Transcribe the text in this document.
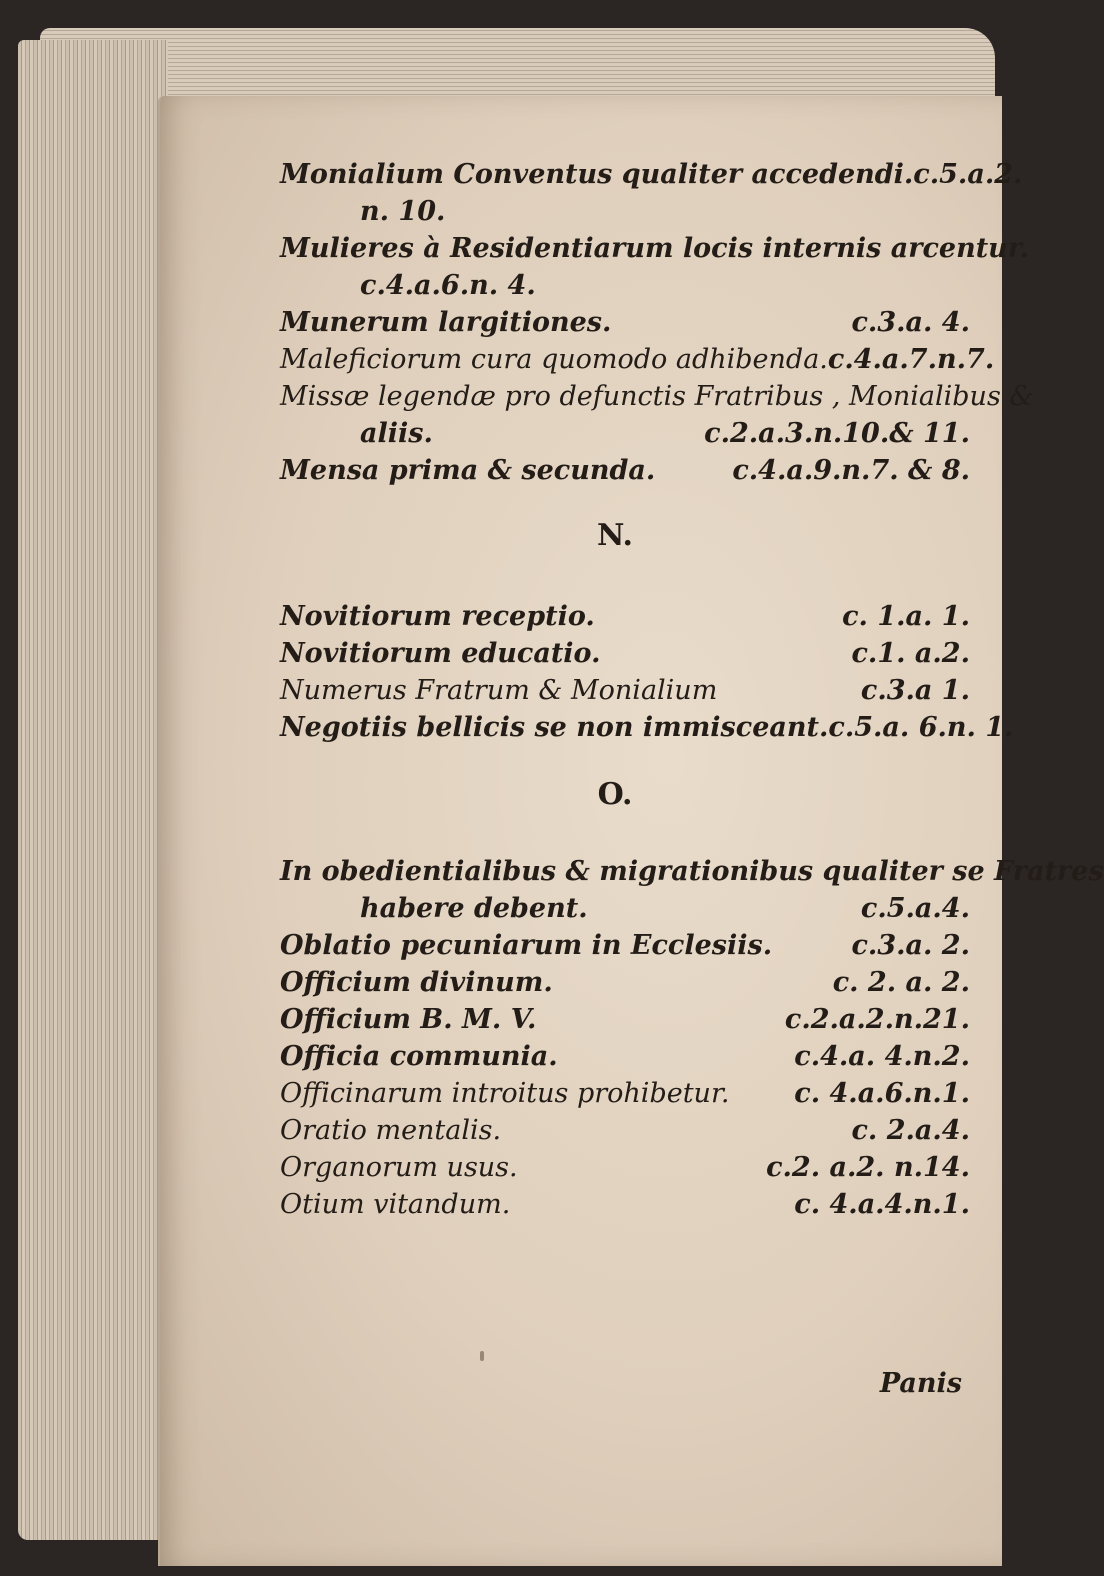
Monialium Conventus qualiter accedendi. c.5.a.2.
n. 10.
Mulieres à Residentiarum locis internis arcentur.
c.4.a.6.n. 4.
Munerum largitiones.	c.3.a. 4.
Maleficiorum cura quomodo adhibenda. c.4.a.7.n.7.
Missæ legendæ pro defunctis Fratribus , Monialibus &
aliis.	c.2.a.3.n.10.& 11.
Mensa prima & secunda.	c.4.a.9.n.7. & 8.
N.
Novitiorum receptio.	c. 1.a. 1.
Novitiorum educatio.	c.1. a.2.
Numerus Fratrum & Monialium	c.3.a 1.
Negotiis bellicis se non immisceant. c.5.a. 6.n. 1.
O.
In obedientialibus & migrationibus qualiter se Fratres
habere debent.	c.5.a.4.
Oblatio pecuniarum in Ecclesiis.	c.3.a. 2.
Officium divinum.	c. 2. a. 2.
Officium B. M. V.	c.2.a.2.n.21.
Officia communia.	c.4.a. 4.n.2.
Officinarum introitus prohibetur. c. 4.a.6.n.1.
Oratio mentalis.	c. 2.a.4.
Organorum usus.	c.2. a.2. n.14.
Otium vitandum.	c. 4.a.4.n.1.
Panis
